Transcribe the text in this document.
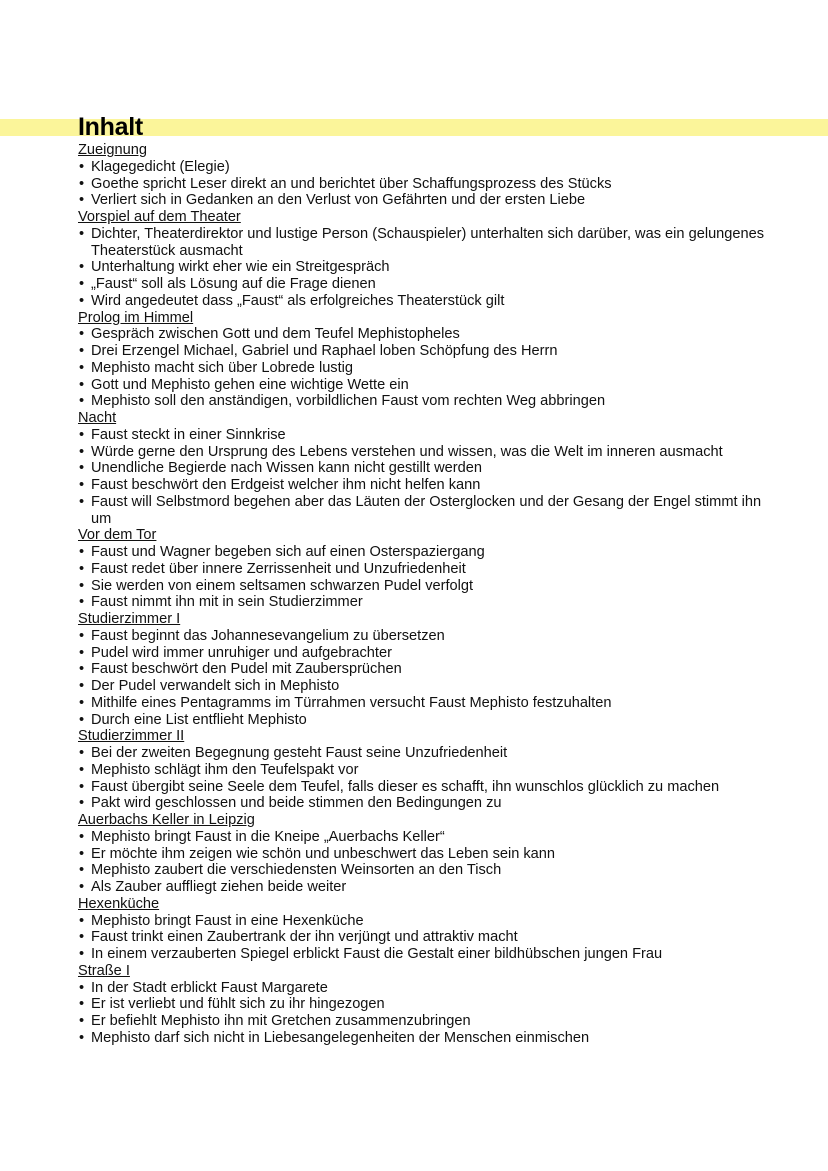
Inhalt
Zueignung
• Klagegedicht (Elegie)
• Goethe spricht Leser direkt an und berichtet über Schaffungsprozess des Stücks
• Verliert sich in Gedanken an den Verlust von Gefährten und der ersten Liebe
Vorspiel auf dem Theater
• Dichter, Theaterdirektor und lustige Person (Schauspieler) unterhalten sich darüber, was ein gelungenes Theaterstück ausmacht
• Unterhaltung wirkt eher wie ein Streitgespräch
• „Faust“ soll als Lösung auf die Frage dienen
• Wird angedeutet dass „Faust“ als erfolgreiches Theaterstück gilt
Prolog im Himmel
• Gespräch zwischen Gott und dem Teufel Mephistopheles
• Drei Erzengel Michael, Gabriel und Raphael loben Schöpfung des Herrn
• Mephisto macht sich über Lobrede lustig
• Gott und Mephisto gehen eine wichtige Wette ein
• Mephisto soll den anständigen, vorbildlichen Faust vom rechten Weg abbringen
Nacht
• Faust steckt in einer Sinnkrise
• Würde gerne den Ursprung des Lebens verstehen und wissen, was die Welt im inneren ausmacht
• Unendliche Begierde nach Wissen kann nicht gestillt werden
• Faust beschwört den Erdgeist welcher ihm nicht helfen kann
• Faust will Selbstmord begehen aber das Läuten der Osterglocken und der Gesang der Engel stimmt ihn um
Vor dem Tor
• Faust und Wagner begeben sich auf einen Osterspaziergang
• Faust redet über innere Zerrissenheit und Unzufriedenheit
• Sie werden von einem seltsamen schwarzen Pudel verfolgt
• Faust nimmt ihn mit in sein Studierzimmer
Studierzimmer I
• Faust beginnt das Johannesevangelium zu übersetzen
• Pudel wird immer unruhiger und aufgebrachter
• Faust beschwört den Pudel mit Zaubersprüchen
• Der Pudel verwandelt sich in Mephisto
• Mithilfe eines Pentagramms im Türrahmen versucht Faust Mephisto festzuhalten
• Durch eine List entflieht Mephisto
Studierzimmer II
• Bei der zweiten Begegnung gesteht Faust seine Unzufriedenheit
• Mephisto schlägt ihm den Teufelspakt vor
• Faust übergibt seine Seele dem Teufel, falls dieser es schafft, ihn wunschlos glücklich zu machen
• Pakt wird geschlossen und beide stimmen den Bedingungen zu
Auerbachs Keller in Leipzig
• Mephisto bringt Faust in die Kneipe „Auerbachs Keller“
• Er möchte ihm zeigen wie schön und unbeschwert das Leben sein kann
• Mephisto zaubert die verschiedensten Weinsorten an den Tisch
• Als Zauber auffliegt ziehen beide weiter
Hexenküche
• Mephisto bringt Faust in eine Hexenküche
• Faust trinkt einen Zaubertrank der ihn verjüngt und attraktiv macht
• In einem verzauberten Spiegel erblickt Faust die Gestalt einer bildhübschen jungen Frau
Straße I
• In der Stadt erblickt Faust Margarete
• Er ist verliebt und fühlt sich zu ihr hingezogen
• Er befiehlt Mephisto ihn mit Gretchen zusammenzubringen
• Mephisto darf sich nicht in Liebesangelegenheiten der Menschen einmischen
